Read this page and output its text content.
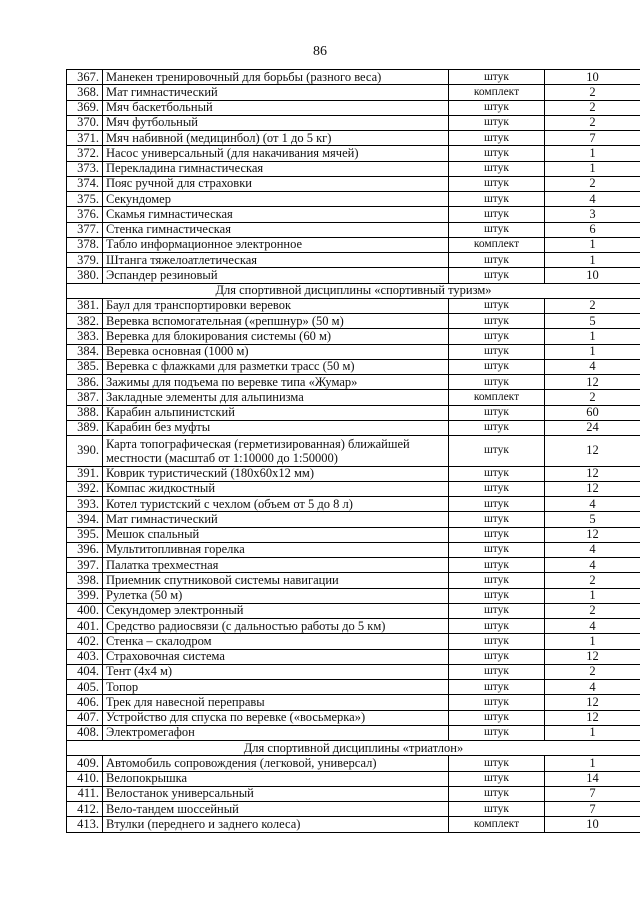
86
367.	Манекен тренировочный для борьбы (разного веса)	штук	10
368.	Мат гимнастический	комплект	2
369.	Мяч баскетбольный	штук	2
370.	Мяч футбольный	штук	2
371.	Мяч набивной (медицинбол) (от 1 до 5 кг)	штук	7
372.	Насос универсальный (для накачивания мячей)	штук	1
373.	Перекладина гимнастическая	штук	1
374.	Пояс ручной для страховки	штук	2
375.	Секундомер	штук	4
376.	Скамья гимнастическая	штук	3
377.	Стенка гимнастическая	штук	6
378.	Табло информационное электронное	комплект	1
379.	Штанга тяжелоатлетическая	штук	1
380.	Эспандер резиновый	штук	10
Для спортивной дисциплины «спортивный туризм»			
381.	Баул для транспортировки веревок	штук	2
382.	Веревка вспомогательная («репшнур» (50 м)	штук	5
383.	Веревка для блокирования системы (60 м)	штук	1
384.	Веревка основная (1000 м)	штук	1
385.	Веревка с флажками для разметки трасс (50 м)	штук	4
386.	Зажимы для подъема по веревке типа «Жумар»	штук	12
387.	Закладные элементы для альпинизма	комплект	2
388.	Карабин альпинистский	штук	60
389.	Карабин без муфты	штук	24
390.	Карта топографическая (герметизированная) ближайшей местности (масштаб от 1:10000 до 1:50000)	штук	12
391.	Коврик туристический (180x60x12 мм)	штук	12
392.	Компас жидкостный	штук	12
393.	Котел туристский с чехлом (объем от 5 до 8 л)	штук	4
394.	Мат гимнастический	штук	5
395.	Мешок спальный	штук	12
396.	Мультитопливная горелка	штук	4
397.	Палатка трехместная	штук	4
398.	Приемник спутниковой системы навигации	штук	2
399.	Рулетка (50 м)	штук	1
400.	Секундомер электронный	штук	2
401.	Средство радиосвязи (с дальностью работы до 5 км)	штук	4
402.	Стенка – скалодром	штук	1
403.	Страховочная система	штук	12
404.	Тент (4x4 м)	штук	2
405.	Топор	штук	4
406.	Трек для навесной переправы	штук	12
407.	Устройство для спуска по веревке («восьмерка»)	штук	12
408.	Электромегафон	штук	1
Для спортивной дисциплины «триатлон»			
409.	Автомобиль сопровождения (легковой, универсал)	штук	1
410.	Велопокрышка	штук	14
411.	Велостанок универсальный	штук	7
412.	Вело-тандем шоссейный	штук	7
413.	Втулки (переднего и заднего колеса)	комплект	10
